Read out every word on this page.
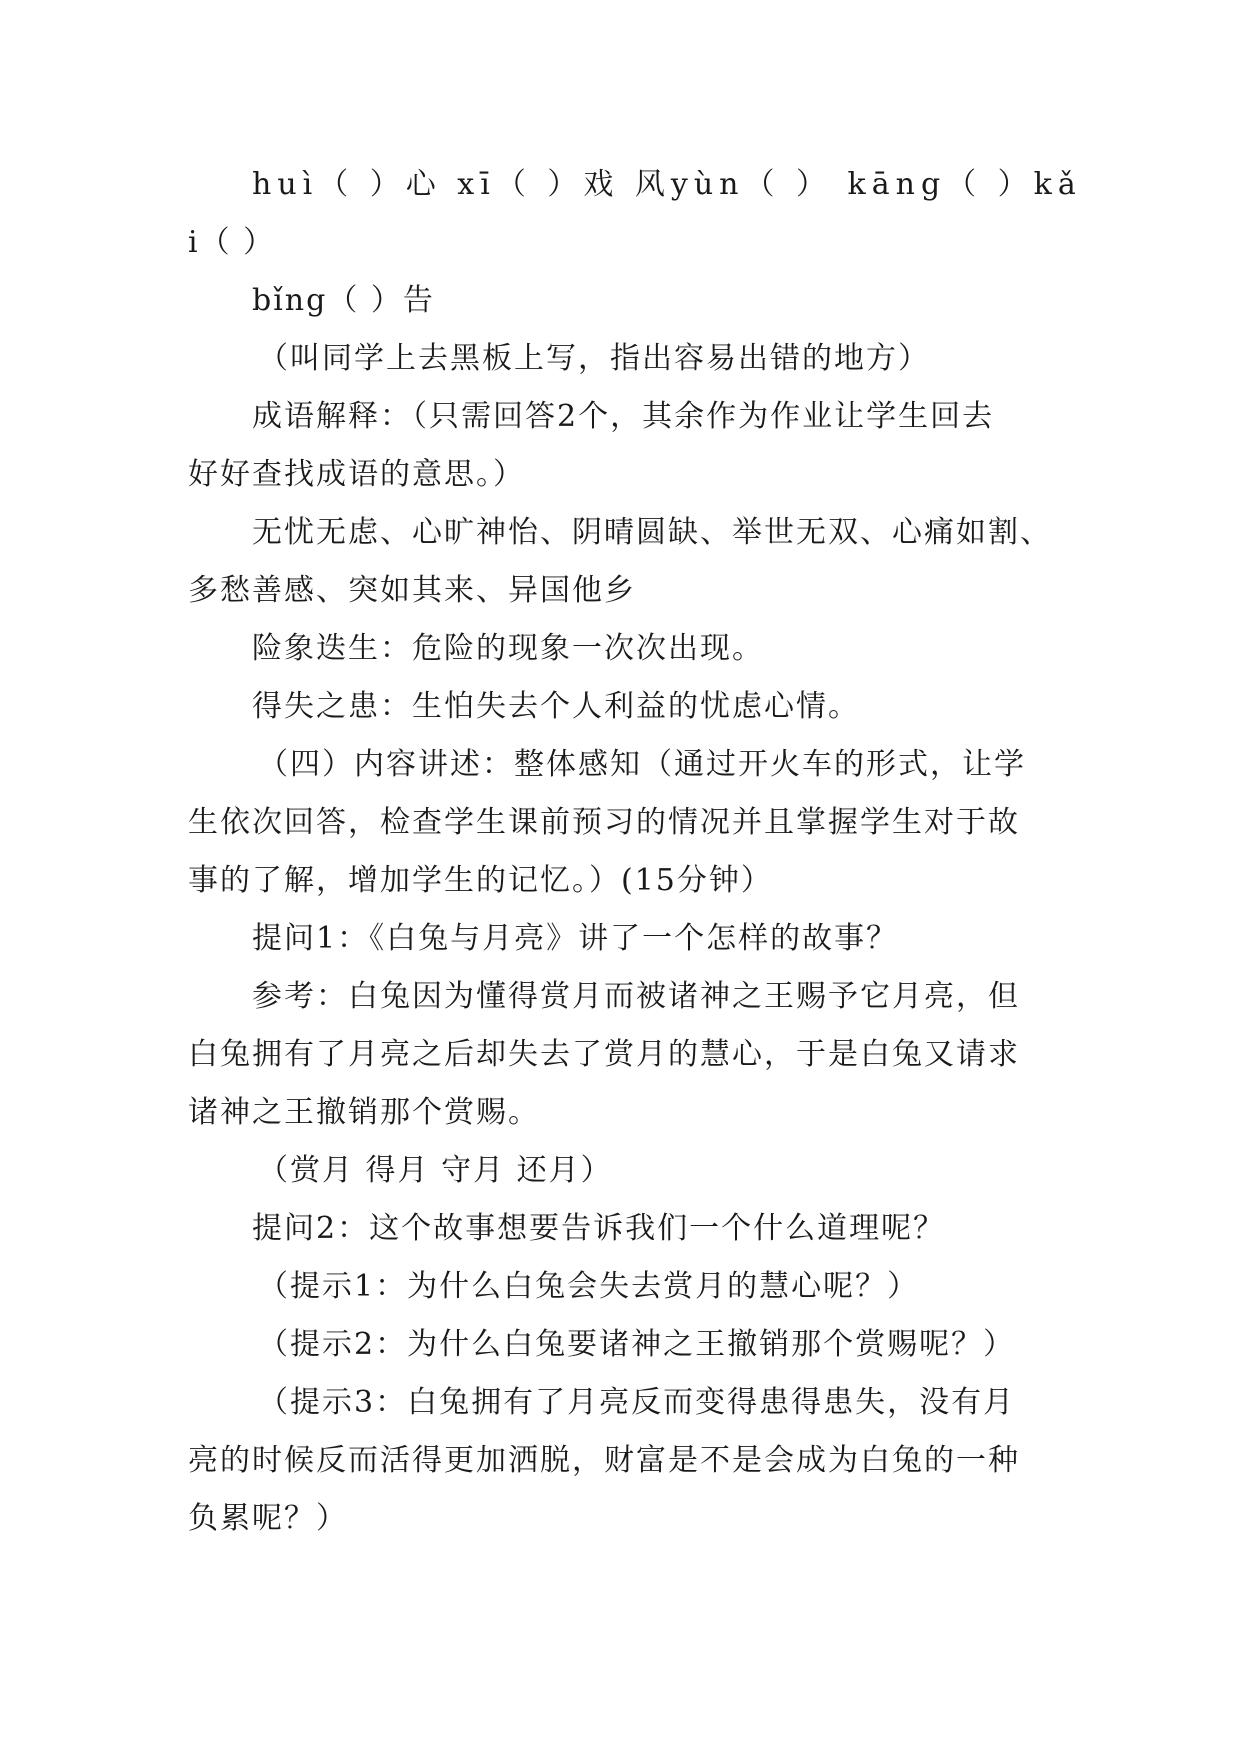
huì（ ）心 xī（ ）戏 风yùn（ ） kāng（ ）kǎ
i（ ）
bǐng（ ）告
（叫同学上去黑板上写，指出容易出错的地方）
成语解释：（只需回答2个，其余作为作业让学生回去
好好查找成语的意思。）
无忧无虑、心旷神怡、阴晴圆缺、举世无双、心痛如割、
多愁善感、突如其来、异国他乡
险象迭生：危险的现象一次次出现。
得失之患：生怕失去个人利益的忧虑心情。
（四）内容讲述：整体感知（通过开火车的形式，让学
生依次回答，检查学生课前预习的情况并且掌握学生对于故
事的了解，增加学生的记忆。）(15分钟）
提问1：《白兔与月亮》讲了一个怎样的故事？
参考：白兔因为懂得赏月而被诸神之王赐予它月亮，但
白兔拥有了月亮之后却失去了赏月的慧心，于是白兔又请求
诸神之王撤销那个赏赐。
（赏月 得月 守月 还月）
提问2：这个故事想要告诉我们一个什么道理呢？
（提示1：为什么白兔会失去赏月的慧心呢？）
（提示2：为什么白兔要诸神之王撤销那个赏赐呢？）
（提示3：白兔拥有了月亮反而变得患得患失，没有月
亮的时候反而活得更加洒脱，财富是不是会成为白兔的一种
负累呢？）
